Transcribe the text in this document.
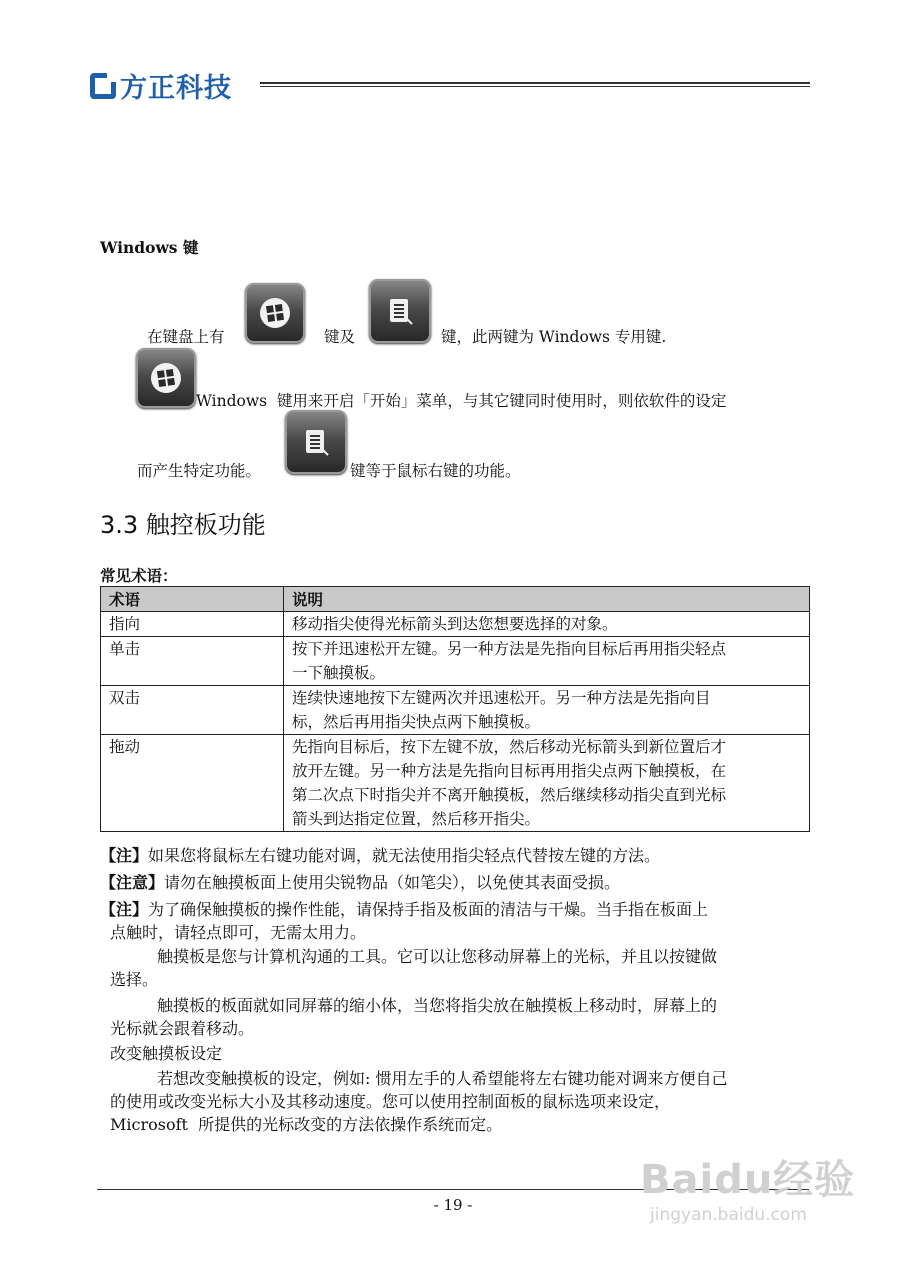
方正科技
Windows 键
在键盘上有	键及	键，此两键为 Windows 专用键.
Windows  键用来开启「开始」菜单，与其它键同时使用时，则依软件的设定
而产生特定功能。	键等于鼠标右键的功能。
3.3 触控板功能
常见术语：
术语	说明
指向	移动指尖使得光标箭头到达您想要选择的对象。

单击	按下并迅速松开左键。另一种方法是先指向目标后再用指尖轻点
一下触摸板。

双击	连续快速地按下左键两次并迅速松开。另一种方法是先指向目
标，然后再用指尖快点两下触摸板。

拖动	先指向目标后，按下左键不放，然后移动光标箭头到新位置后才
放开左键。另一种方法是先指向目标再用指尖点两下触摸板，在
第二次点下时指尖并不离开触摸板，然后继续移动指尖直到光标
箭头到达指定位置，然后移开指尖。
【注】如果您将鼠标左右键功能对调，就无法使用指尖轻点代替按左键的方法。
【注意】请勿在触摸板面上使用尖锐物品（如笔尖），以免使其表面受损。
【注】为了确保触摸板的操作性能，请保持手指及板面的清洁与干燥。当手指在板面上
点触时，请轻点即可，无需太用力。
触摸板是您与计算机沟通的工具。它可以让您移动屏幕上的光标，并且以按键做
选择。
触摸板的板面就如同屏幕的缩小体，当您将指尖放在触摸板上移动时，屏幕上的
光标就会跟着移动。
改变触摸板设定
若想改变触摸板的设定，例如: 惯用左手的人希望能将左右键功能对调来方便自己
的使用或改变光标大小及其移动速度。您可以使用控制面板的鼠标选项来设定，
Microsoft  所提供的光标改变的方法依操作系统而定。
- 19 -
Baidu经验
jingyan.baidu.com
